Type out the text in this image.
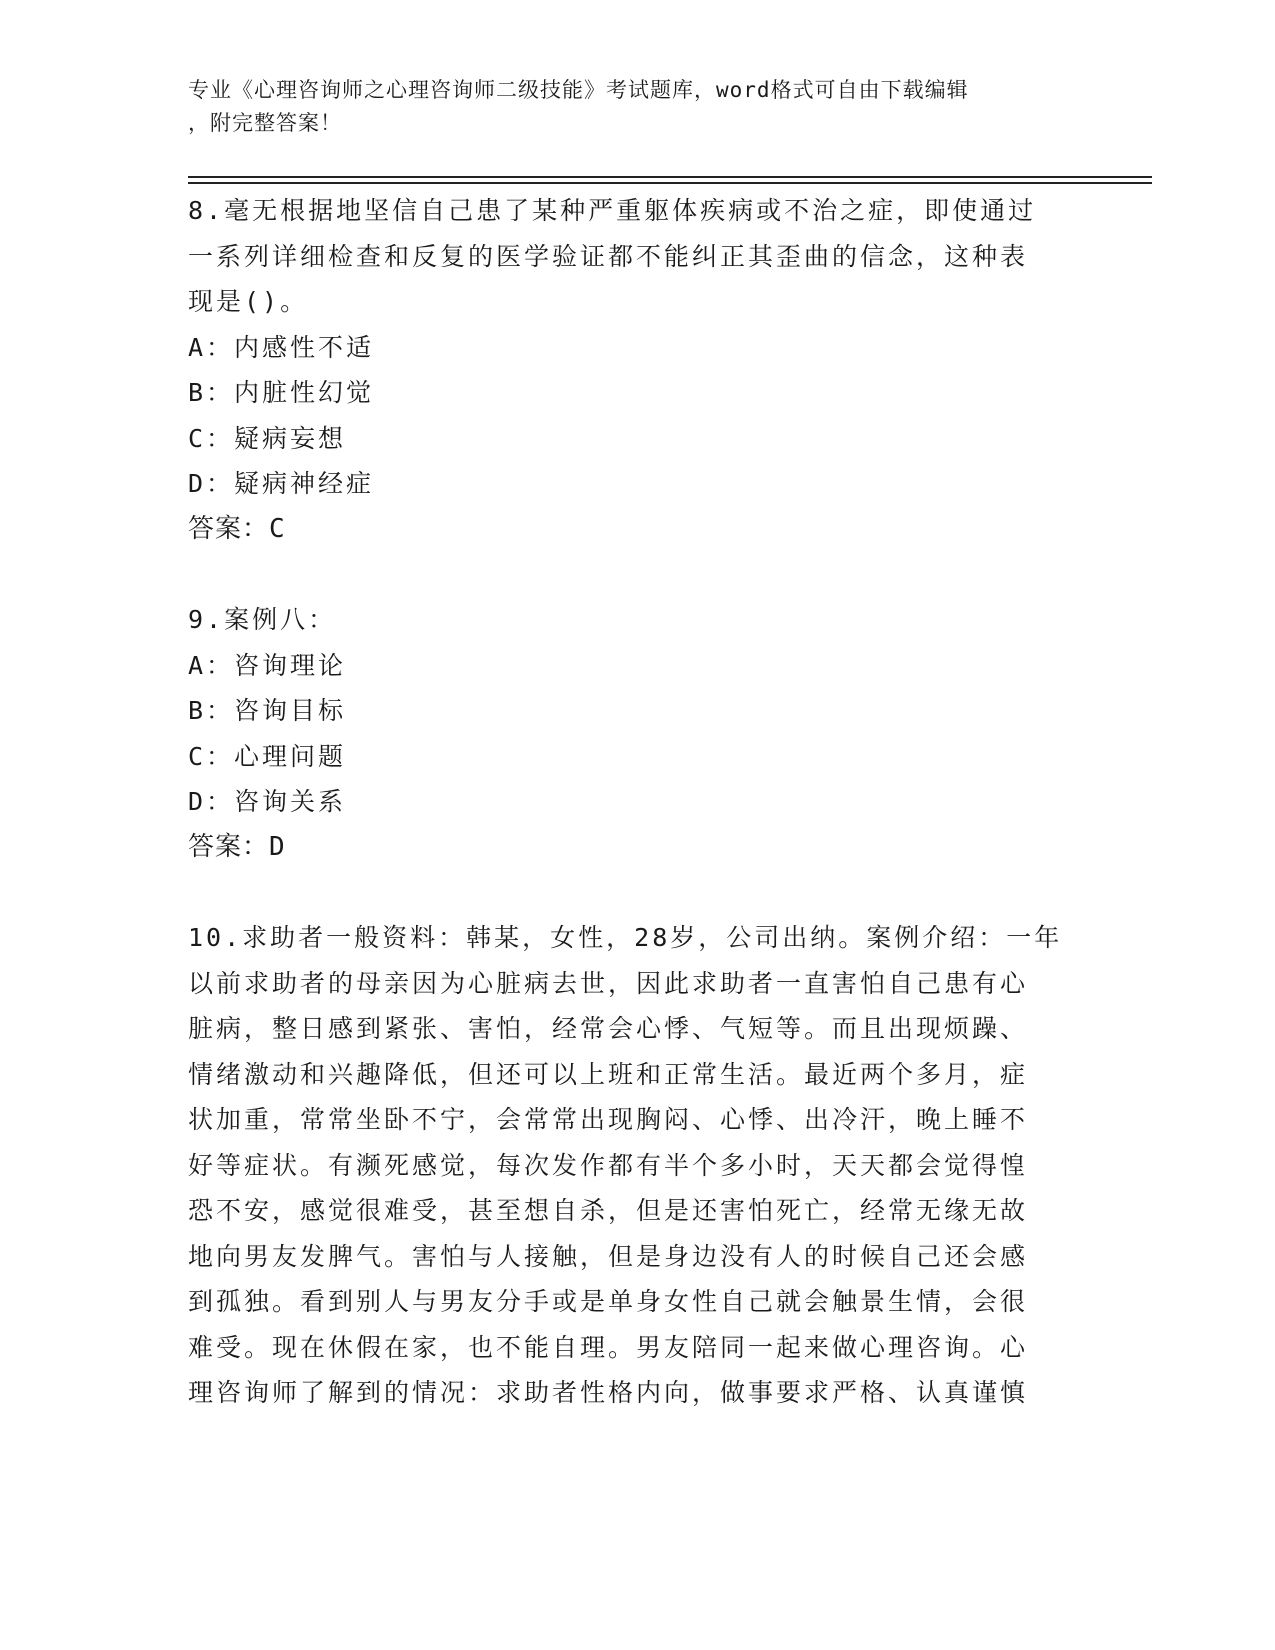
专业《心理咨询师之心理咨询师二级技能》考试题库，word格式可自由下载编辑
，附完整答案！

8.毫无根据地坚信自己患了某种严重躯体疾病或不治之症，即使通过

一系列详细检查和反复的医学验证都不能纠正其歪曲的信念，这种表

现是()。

A：内感性不适

B：内脏性幻觉

C：疑病妄想

D：疑病神经症

答案：C

9.案例八：

A：咨询理论

B：咨询目标

C：心理问题

D：咨询关系

答案：D

10.求助者一般资料：韩某，女性，28岁，公司出纳。案例介绍：一年

以前求助者的母亲因为心脏病去世，因此求助者一直害怕自己患有心

脏病，整日感到紧张、害怕，经常会心悸、气短等。而且出现烦躁、

情绪激动和兴趣降低，但还可以上班和正常生活。最近两个多月，症

状加重，常常坐卧不宁，会常常出现胸闷、心悸、出冷汗，晚上睡不

好等症状。有濒死感觉，每次发作都有半个多小时，天天都会觉得惶

恐不安，感觉很难受，甚至想自杀，但是还害怕死亡，经常无缘无故

地向男友发脾气。害怕与人接触，但是身边没有人的时候自己还会感

到孤独。看到别人与男友分手或是单身女性自己就会触景生情，会很

难受。现在休假在家，也不能自理。男友陪同一起来做心理咨询。心

理咨询师了解到的情况：求助者性格内向，做事要求严格、认真谨慎
